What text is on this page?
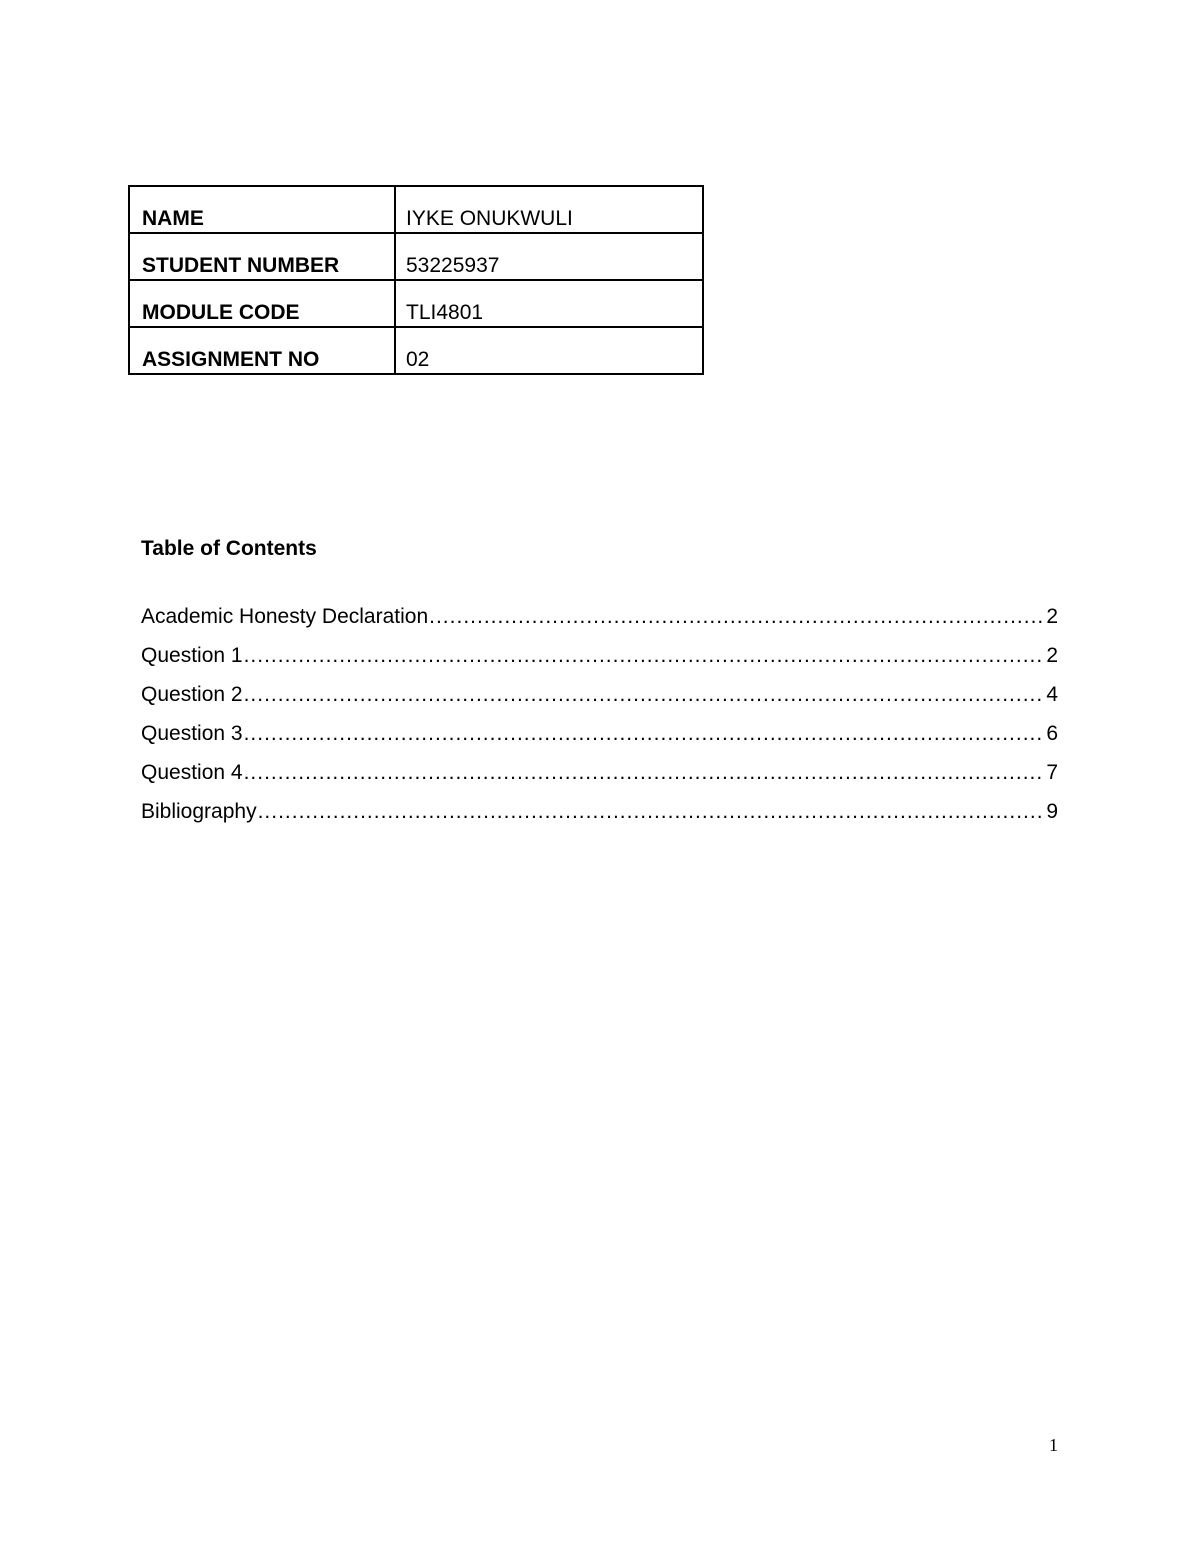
NAME	IYKE ONUKWULI
STUDENT NUMBER	53225937
MODULE CODE	TLI4801
ASSIGNMENT NO	02
Table of Contents
Academic Honesty Declaration .....	2
Question 1 .....	2
Question 2 .....	4
Question 3 .....	6
Question 4 .....	7
Bibliography .....	9
1
